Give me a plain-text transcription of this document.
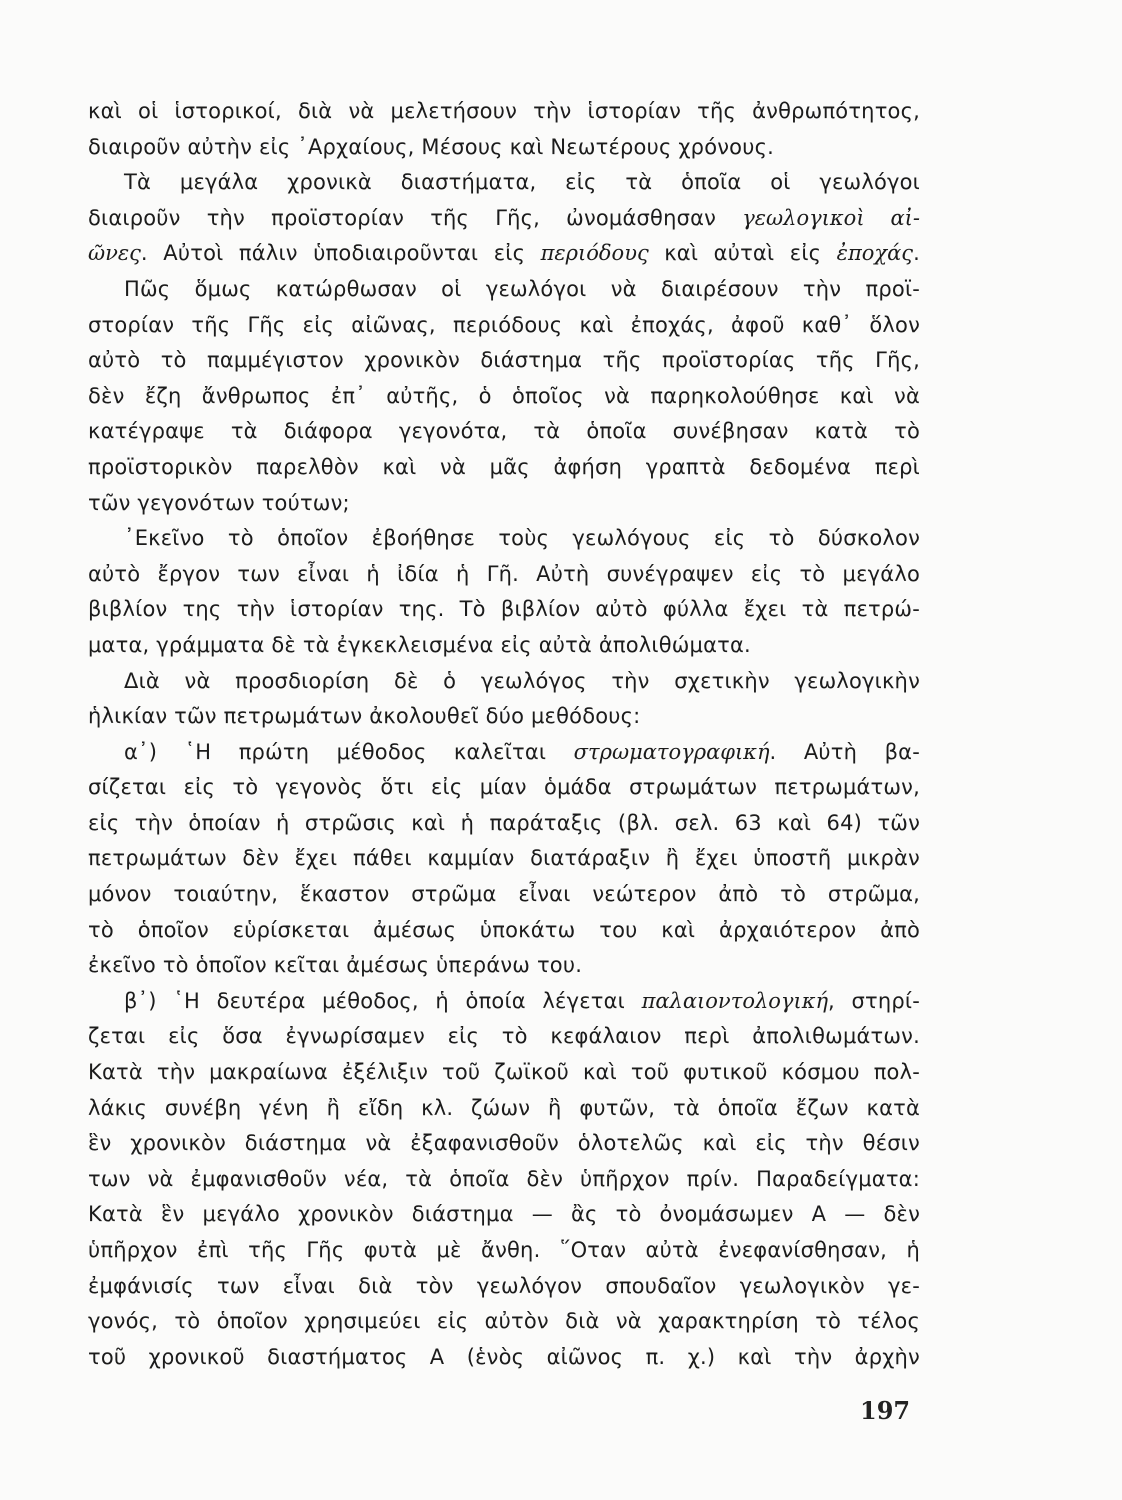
καὶ οἱ ἱστορικοί, διὰ νὰ μελετήσουν τὴν ἱστορίαν τῆς ἀνθρωπότητος,
διαιροῦν αὐτὴν εἰς ᾽Αρχαίους, Μέσους καὶ Νεωτέρους χρόνους.
Τὰ μεγάλα χρονικὰ διαστήματα, εἰς τὰ ὁποῖα οἱ γεωλόγοι
διαιροῦν τὴν προϊστορίαν τῆς Γῆς, ὠνομάσθησαν γεωλογικοὶ αἰ-
ῶνες. Αὐτοὶ πάλιν ὑποδιαιροῦνται εἰς περιόδους καὶ αὐταὶ εἰς ἐποχάς.
Πῶς ὅμως κατώρθωσαν οἱ γεωλόγοι νὰ διαιρέσουν τὴν προϊ-
στορίαν τῆς Γῆς εἰς αἰῶνας, περιόδους καὶ ἐποχάς, ἀφοῦ καθ᾽ ὅλον
αὐτὸ τὸ παμμέγιστον χρονικὸν διάστημα τῆς προϊστορίας τῆς Γῆς,
δὲν ἔζη ἄνθρωπος ἐπ᾽ αὐτῆς, ὁ ὁποῖος νὰ παρηκολούθησε καὶ νὰ
κατέγραψε τὰ διάφορα γεγονότα, τὰ ὁποῖα συνέβησαν κατὰ τὸ
προϊστορικὸν παρελθὸν καὶ νὰ μᾶς ἀφήση γραπτὰ δεδομένα περὶ
τῶν γεγονότων τούτων;
᾽Εκεῖνο τὸ ὁποῖον ἐβοήθησε τοὺς γεωλόγους εἰς τὸ δύσκολον
αὐτὸ ἔργον των εἶναι ἡ ἰδία ἡ Γῆ. Αὐτὴ συνέγραψεν εἰς τὸ μεγάλο
βιβλίον της τὴν ἱστορίαν της. Τὸ βιβλίον αὐτὸ φύλλα ἔχει τὰ πετρώ-
ματα, γράμματα δὲ τὰ ἐγκεκλεισμένα εἰς αὐτὰ ἀπολιθώματα.
Διὰ νὰ προσδιορίση δὲ ὁ γεωλόγος τὴν σχετικὴν γεωλογικὴν
ἡλικίαν τῶν πετρωμάτων ἀκολουθεῖ δύο μεθόδους:
α᾽) ῾Η πρώτη μέθοδος καλεῖται στρωματογραφική. Αὐτὴ βα-
σίζεται εἰς τὸ γεγονὸς ὅτι εἰς μίαν ὁμάδα στρωμάτων πετρωμάτων,
εἰς τὴν ὁποίαν ἡ στρῶσις καὶ ἡ παράταξις (βλ. σελ. 63 καὶ 64) τῶν
πετρωμάτων δὲν ἔχει πάθει καμμίαν διατάραξιν ἢ ἔχει ὑποστῆ μικρὰν
μόνον τοιαύτην, ἕκαστον στρῶμα εἶναι νεώτερον ἀπὸ τὸ στρῶμα,
τὸ ὁποῖον εὑρίσκεται ἀμέσως ὑποκάτω του καὶ ἀρχαιότερον ἀπὸ
ἐκεῖνο τὸ ὁποῖον κεῖται ἀμέσως ὑπεράνω του.
β᾽) ῾Η δευτέρα μέθοδος, ἡ ὁποία λέγεται παλαιοντολογική, στηρί-
ζεται εἰς ὅσα ἐγνωρίσαμεν εἰς τὸ κεφάλαιον περὶ ἀπολιθωμάτων.
Κατὰ τὴν μακραίωνα ἐξέλιξιν τοῦ ζωϊκοῦ καὶ τοῦ φυτικοῦ κόσμου πολ-
λάκις συνέβη γένη ἢ εἴδη κλ. ζώων ἢ φυτῶν, τὰ ὁποῖα ἔζων κατὰ
ἓν χρονικὸν διάστημα νὰ ἐξαφανισθοῦν ὁλοτελῶς καὶ εἰς τὴν θέσιν
των νὰ ἐμφανισθοῦν νέα, τὰ ὁποῖα δὲν ὑπῆρχον πρίν. Παραδείγματα:
Κατὰ ἓν μεγάλο χρονικὸν διάστημα — ἂς τὸ ὀνομάσωμεν Α — δὲν
ὑπῆρχον ἐπὶ τῆς Γῆς φυτὰ μὲ ἄνθη. ῞Οταν αὐτὰ ἐνεφανίσθησαν, ἡ
ἐμφάνισίς των εἶναι διὰ τὸν γεωλόγον σπουδαῖον γεωλογικὸν γε-
γονός, τὸ ὁποῖον χρησιμεύει εἰς αὐτὸν διὰ νὰ χαρακτηρίση τὸ τέλος
τοῦ χρονικοῦ διαστήματος Α (ἑνὸς αἰῶνος π. χ.) καὶ τὴν ἀρχὴν
197
